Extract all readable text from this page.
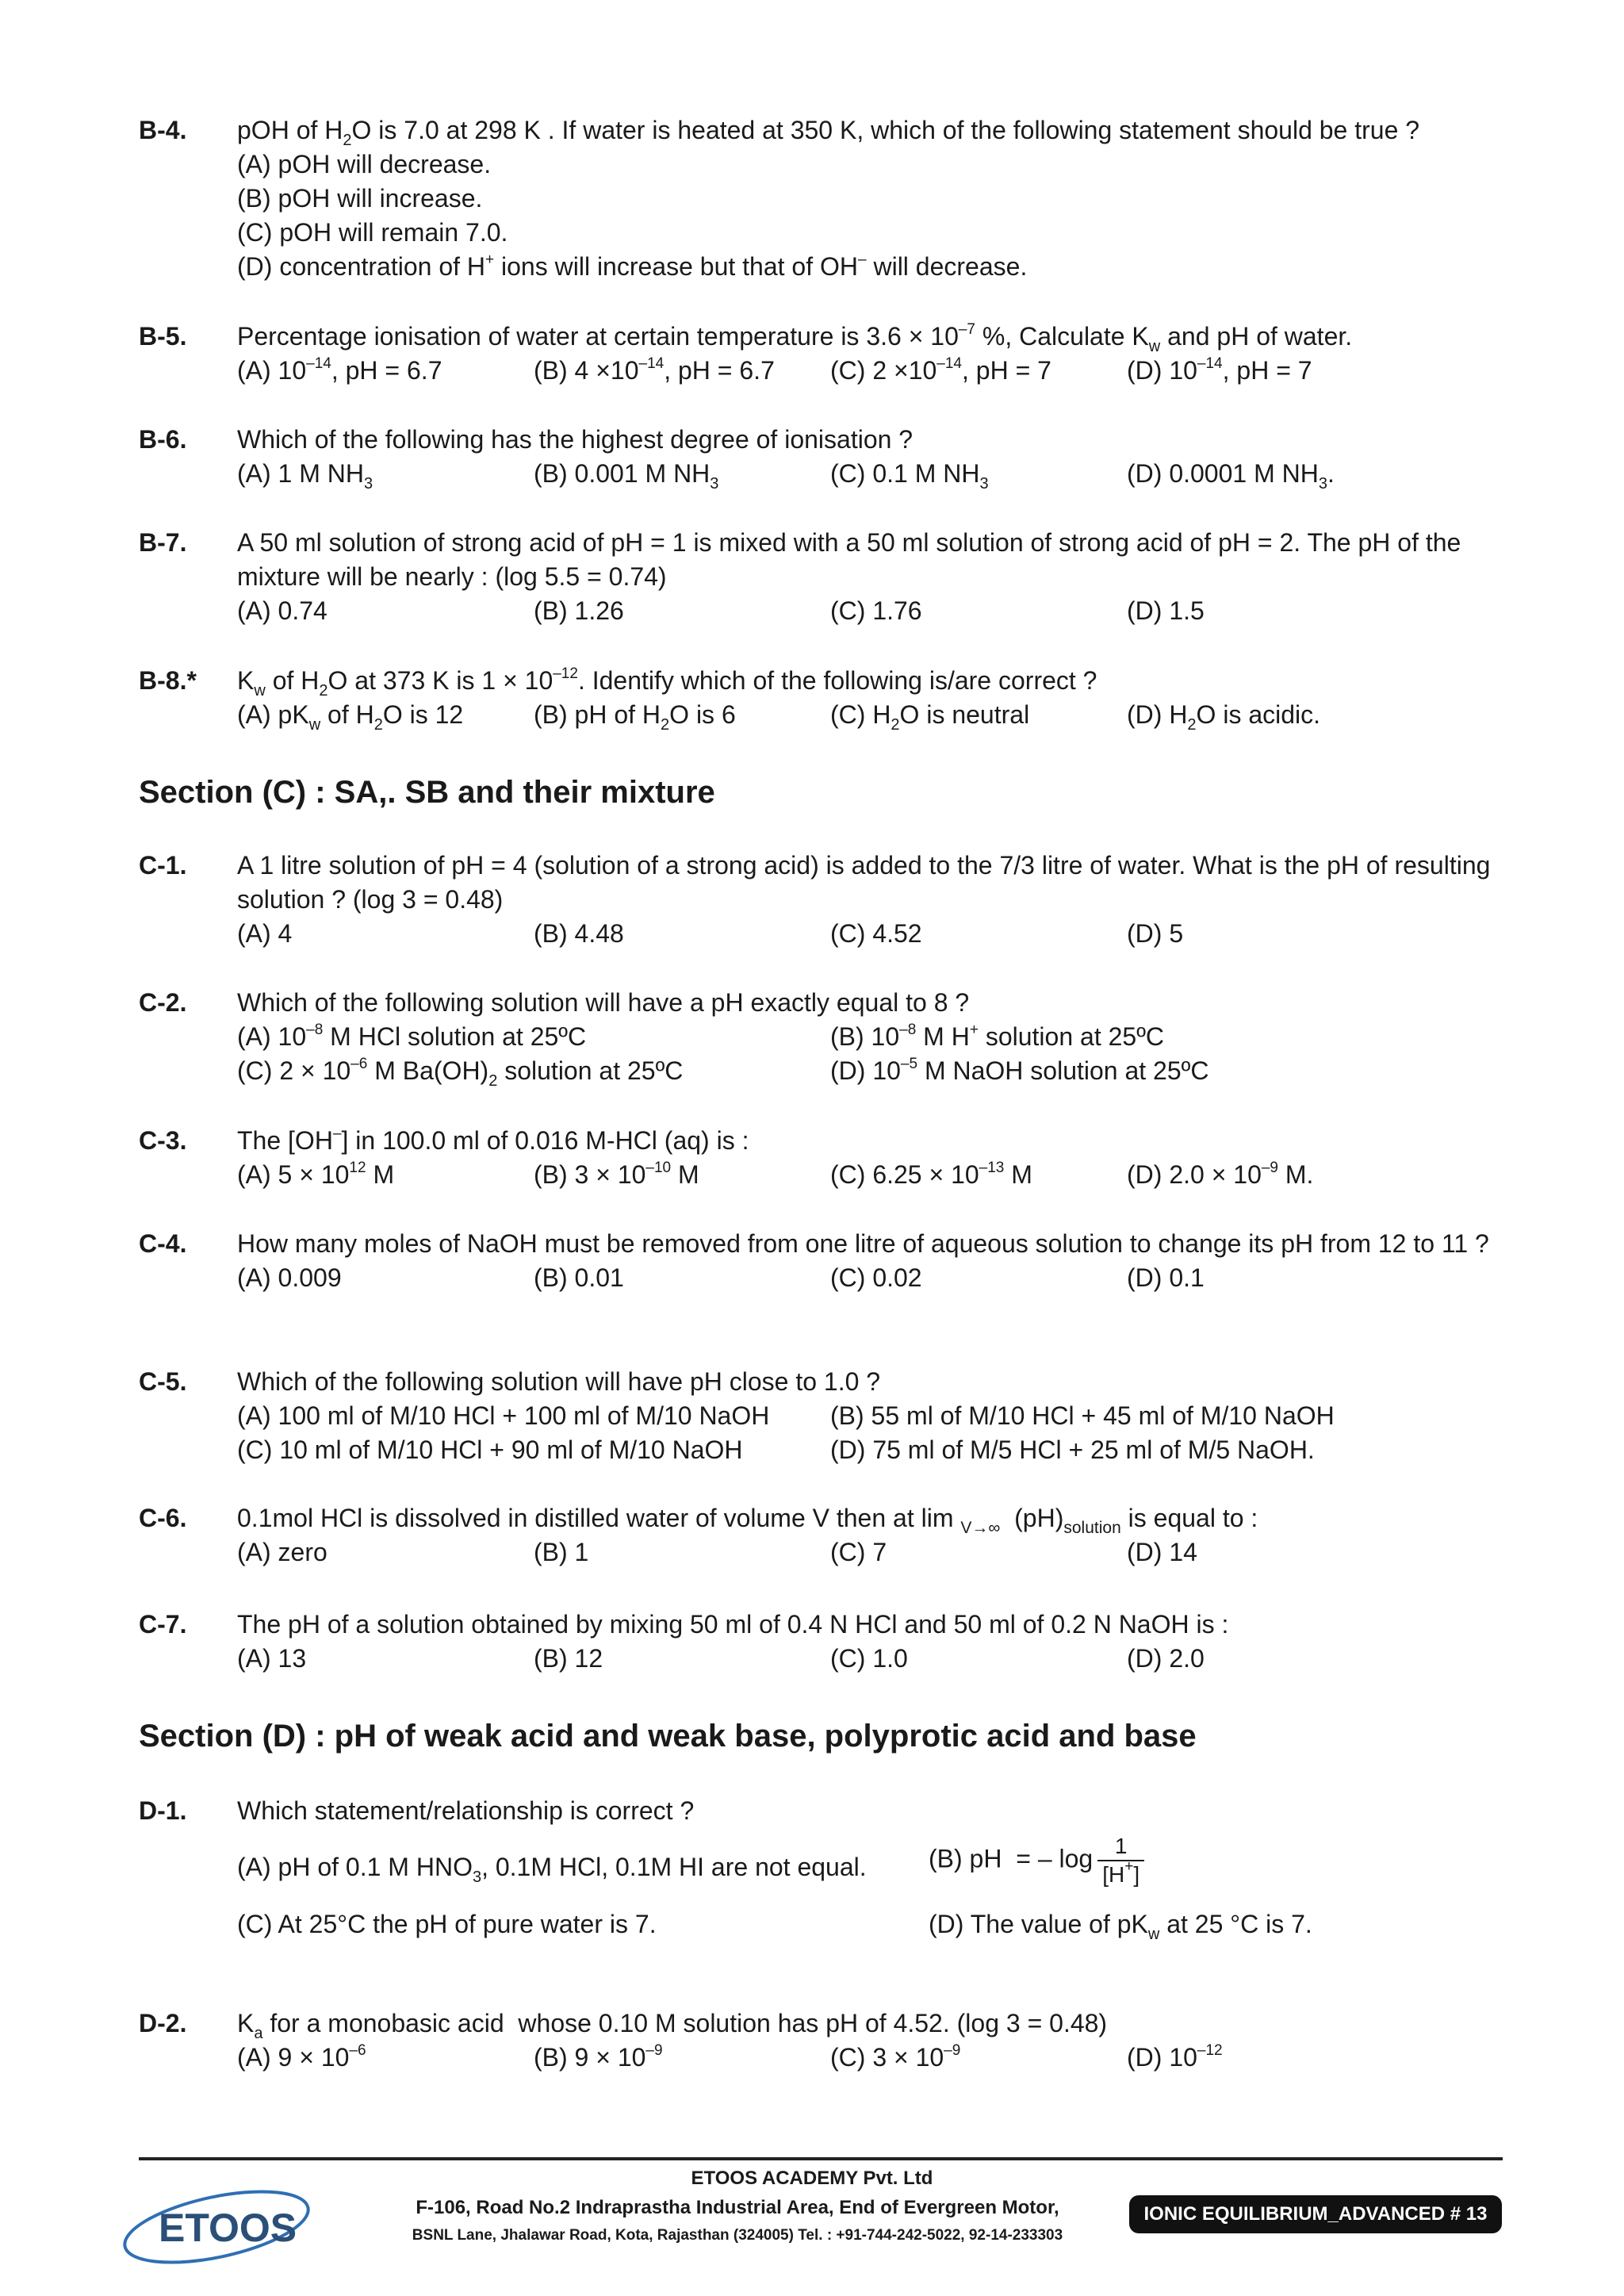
B-4. pOH of $H_2O$ is 7.0 at 298 K . If water is heated at 350 K, which of the following statement should be true ?
(A) pOH will decrease.
(B) pOH will increase.
(C) pOH will remain 7.0.
(D) concentration of H+ ions will increase but that of OH– will decrease.
B-5. Percentage ionisation of water at certain temperature is $3.6 \times 10^{-7}$ %, Calculate $K_w$ and pH of water.
(A) $10^{-14}$, pH = 6.7	(B) $4 \times 10^{-14}$, pH = 6.7 (C) $2 \times 10^{-14}$, pH = 7	(D) $10^{-14}$, pH = 7
B-6. Which of the following has the highest degree of ionisation ?
(A) 1 M $NH_3$	(B) 0.001 M $NH_3$	(C) 0.1 M $NH_3$	(D) 0.0001 M $NH_3$.
B-7. A 50 ml solution of strong acid of pH = 1 is mixed with a 50 ml solution of strong acid of pH = 2. The pH of the mixture will be nearly : (log 5.5 = 0.74)
(A) 0.74	(B) 1.26	(C) 1.76	(D) 1.5
B-8.* $K_w$ of $H_2O$ at 373 K is $1 \times 10^{-12}$. Identify which of the following is/are correct ?
(A) $pK_w$ of $H_2O$ is 12	(B) pH of $H_2O$ is 6	(C) $H_2O$ is neutral	(D) $H_2O$ is acidic.
Section (C) : SA,. SB and their mixture
C-1. A 1 litre solution of pH = 4 (solution of a strong acid) is added to the 7/3 litre of water. What is the pH of resulting solution ? (log 3 = 0.48)
(A) 4	(B) 4.48	(C) 4.52	(D) 5
C-2. Which of the following solution will have a pH exactly equal to 8 ?
(A) $10^{-8}$ M HCl solution at 25ºC	(B) $10^{-8}$ M H+ solution at 25ºC
(C) $2 \times 10^{-6}$ M $Ba(OH)_2$ solution at 25ºC	(D) $10^{-5}$ M NaOH solution at 25ºC
C-3. The [OH–] in 100.0 ml of 0.016 M-HCl (aq) is :
(A) $5 \times 10^{12}$ M	(B) $3 \times 10^{-10}$ M	(C) $6.25 \times 10^{-13}$ M	(D) $2.0 \times 10^{-9}$ M.
C-4. How many moles of NaOH must be removed from one litre of aqueous solution to change its pH from 12 to 11 ?
(A) 0.009	(B) 0.01	(C) 0.02	(D) 0.1
C-5. Which of the following solution will have pH close to 1.0 ?
(A) 100 ml of M/10 HCl + 100 ml of M/10 NaOH (B) 55 ml of M/10 HCl + 45 ml of M/10 NaOH
(C) 10 ml of M/10 HCl + 90 ml of M/10 NaOH	(D) 75 ml of M/5 HCl + 25 ml of M/5 NaOH.
C-6. 0.1mol HCl is dissolved in distilled water of volume V then at lim $_{V\to\infty}$  $(pH)_{solution}$ is equal to :
(A) zero	(B) 1	(C) 7	(D) 14
C-7. The pH of a solution obtained by mixing 50 ml of 0.4 N HCl and 50 ml of 0.2 N NaOH is :
(A) 13	(B) 12	(C) 1.0	(D) 2.0
Section (D) : pH of weak acid and weak base, polyprotic acid and base
D-1. Which statement/relationship is correct ?
(A) pH of 0.1 M $HNO_3$, 0.1M HCl, 0.1M HI are not equal. (B) pH  = – $\log \frac{1}{[H^+]}$
(C) At 25°C the pH of pure water is 7.	(D) The value of $pK_w$ at 25 °C is 7.
D-2. $K_a$ for a monobasic acid  whose 0.10 M solution has pH of 4.52. (log 3 = 0.48)
(A) $9 \times 10^{-6}$	(B) $9 \times 10^{-9}$	(C) $3 \times 10^{-9}$	(D) $10^{-12}$
ETOOS ACADEMY Pvt. Ltd
ETOOS	F-106, Road No.2 Indraprastha Industrial Area, End of Evergreen Motor,
BSNL Lane, Jhalawar Road, Kota, Rajasthan (324005) Tel. : +91-744-242-5022, 92-14-233303
IONIC EQUILIBRIUM_ADVANCED # 13
